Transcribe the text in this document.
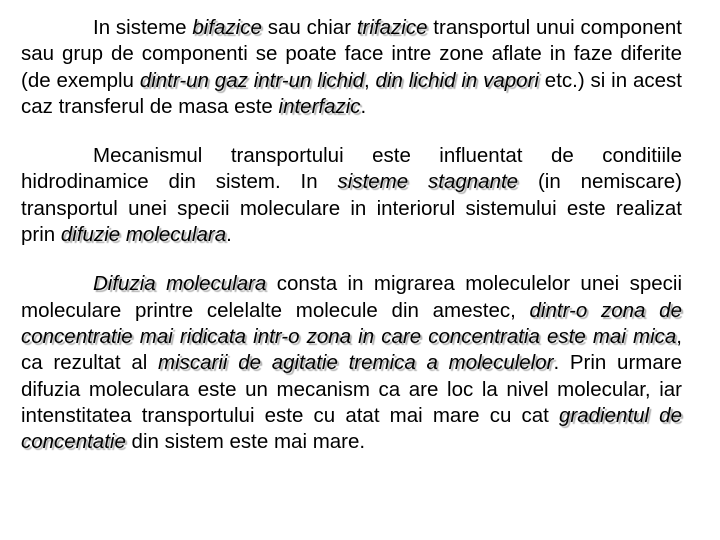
In sisteme bifazice sau chiar trifazice transportul unui component sau grup de componenti se poate face intre zone aflate in faze diferite (de exemplu dintr-un gaz intr-un lichid, din lichid in vapori etc.) si in acest caz transferul de masa este interfazic.

Mecanismul transportului este influentat de conditiile hidrodinamice din sistem. In sisteme stagnante (in nemiscare) transportul unei specii moleculare in interiorul sistemului este realizat prin difuzie moleculara.

Difuzia moleculara consta in migrarea moleculelor unei specii moleculare printre celelalte molecule din amestec, dintr-o zona de concentratie mai ridicata intr-o zona in care concentratia este mai mica, ca rezultat al miscarii de agitatie tremica a moleculelor. Prin urmare difuzia moleculara este un mecanism ca are loc la nivel molecular, iar intenstitatea transportului este cu atat mai mare cu cat gradientul de concentatie din sistem este mai mare.
